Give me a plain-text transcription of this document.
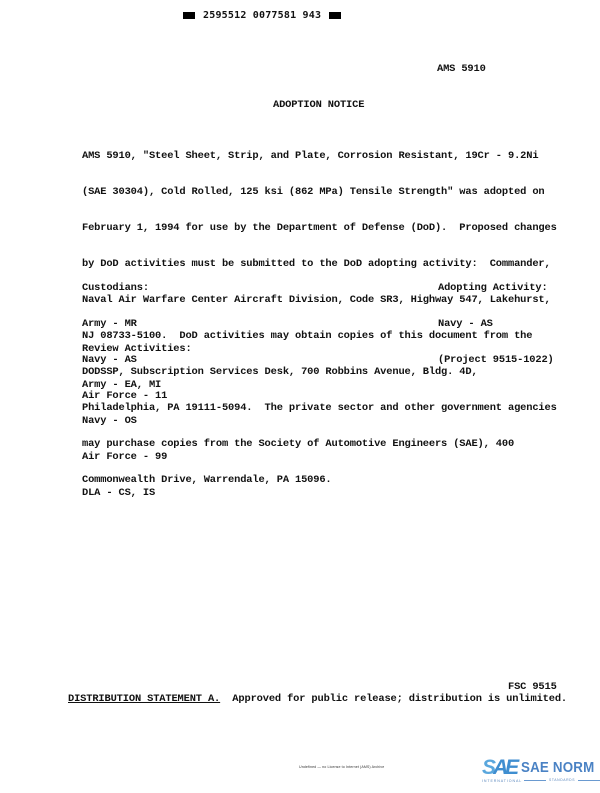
2595512 0077581 943
AMS 5910
ADOPTION NOTICE

AMS 5910, "Steel Sheet, Strip, and Plate, Corrosion Resistant, 19Cr - 9.2Ni

(SAE 30304), Cold Rolled, 125 ksi (862 MPa) Tensile Strength" was adopted on

February 1, 1994 for use by the Department of Defense (DoD).  Proposed changes

by DoD activities must be submitted to the DoD adopting activity:  Commander,

Naval Air Warfare Center Aircraft Division, Code SR3, Highway 547, Lakehurst,

NJ 08733-5100.  DoD activities may obtain copies of this document from the

DODSSP, Subscription Services Desk, 700 Robbins Avenue, Bldg. 4D,

Philadelphia, PA 19111-5094.  The private sector and other government agencies

may purchase copies from the Society of Automotive Engineers (SAE), 400

Commonwealth Drive, Warrendale, PA 15096.

Custodians:

Army - MR

Navy - AS

Air Force - 11

Adopting Activity:

Navy - AS

(Project 9515-1022)

Review Activities:

Army - EA, MI

Navy - OS

Air Force - 99

DLA - CS, IS

FSC 9515
DISTRIBUTION STATEMENT A.  Approved for public release; distribution is unlimited.
Undefined — no License to Internet (AMS) Archive	SAE SAE NORM
INTERNATIONAL	STANDARDS
